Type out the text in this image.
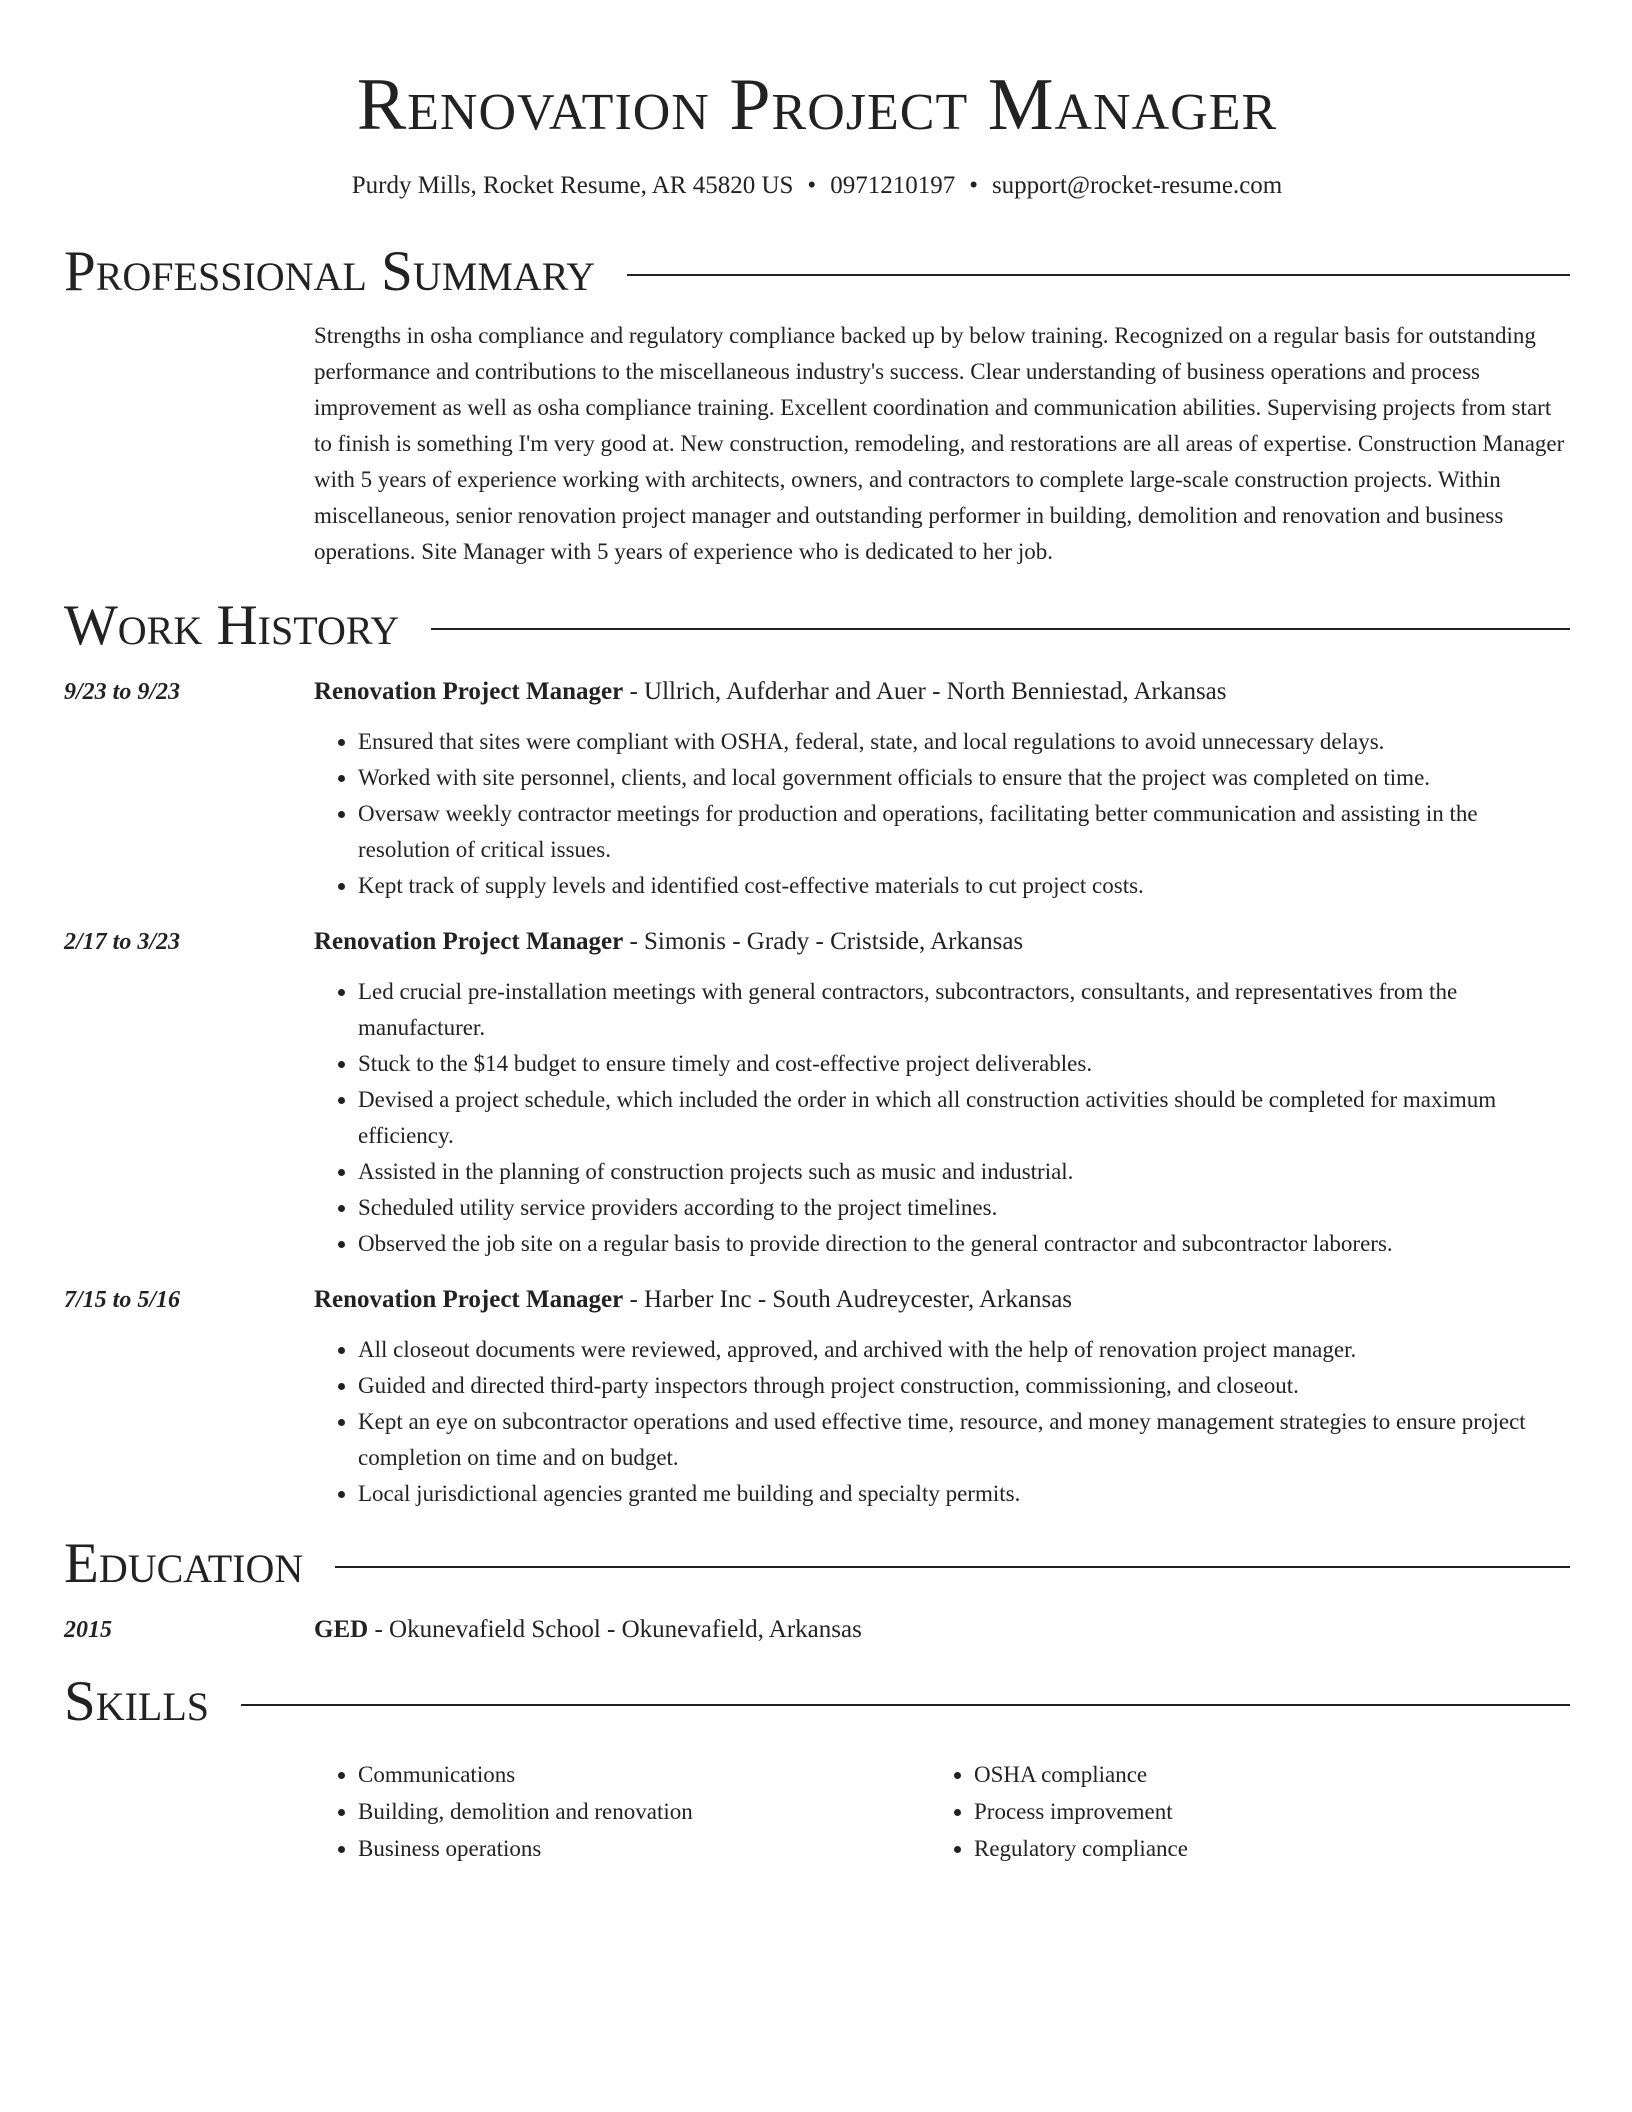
Renovation Project Manager
Purdy Mills, Rocket Resume, AR 45820 US • 0971210197 • support@rocket-resume.com
Professional Summary
Strengths in osha compliance and regulatory compliance backed up by below training. Recognized on a regular basis for outstanding performance and contributions to the miscellaneous industry's success. Clear understanding of business operations and process improvement as well as osha compliance training. Excellent coordination and communication abilities. Supervising projects from start to finish is something I'm very good at. New construction, remodeling, and restorations are all areas of expertise. Construction Manager with 5 years of experience working with architects, owners, and contractors to complete large-scale construction projects. Within miscellaneous, senior renovation project manager and outstanding performer in building, demolition and renovation and business operations. Site Manager with 5 years of experience who is dedicated to her job.
Work History
9/23 to 9/23	Renovation Project Manager - Ullrich, Aufderhar and Auer - North Benniestad, Arkansas
• Ensured that sites were compliant with OSHA, federal, state, and local regulations to avoid unnecessary delays.
• Worked with site personnel, clients, and local government officials to ensure that the project was completed on time.
• Oversaw weekly contractor meetings for production and operations, facilitating better communication and assisting in the resolution of critical issues.
• Kept track of supply levels and identified cost-effective materials to cut project costs.
2/17 to 3/23	Renovation Project Manager - Simonis - Grady - Cristside, Arkansas
• Led crucial pre-installation meetings with general contractors, subcontractors, consultants, and representatives from the manufacturer.
• Stuck to the $14 budget to ensure timely and cost-effective project deliverables.
• Devised a project schedule, which included the order in which all construction activities should be completed for maximum efficiency.
• Assisted in the planning of construction projects such as music and industrial.
• Scheduled utility service providers according to the project timelines.
• Observed the job site on a regular basis to provide direction to the general contractor and subcontractor laborers.
7/15 to 5/16	Renovation Project Manager - Harber Inc - South Audreycester, Arkansas
• All closeout documents were reviewed, approved, and archived with the help of renovation project manager.
• Guided and directed third-party inspectors through project construction, commissioning, and closeout.
• Kept an eye on subcontractor operations and used effective time, resource, and money management strategies to ensure project completion on time and on budget.
• Local jurisdictional agencies granted me building and specialty permits.
Education
2015	GED - Okunevafield School - Okunevafield, Arkansas
Skills
• Communications
• Building, demolition and renovation
• Business operations
• OSHA compliance
• Process improvement
• Regulatory compliance
